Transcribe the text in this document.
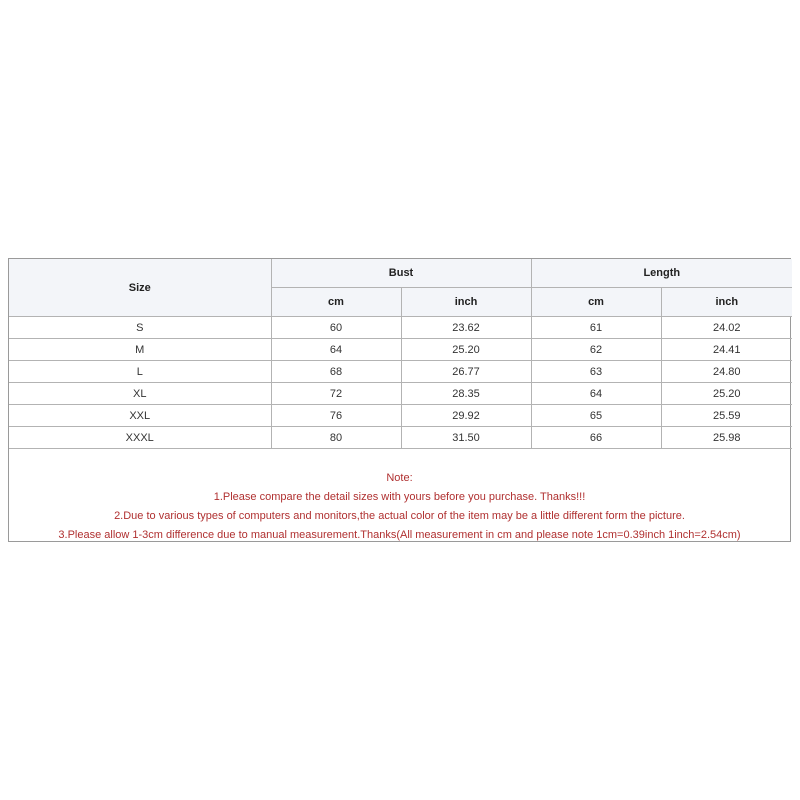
Size	Bust		Length	
	cm	inch	cm	inch
S	60	23.62	61	24.02
M	64	25.20	62	24.41
L	68	26.77	63	24.80
XL	72	28.35	64	25.20
XXL	76	29.92	65	25.59
XXXL	80	31.50	66	25.98
Note:
1.Please compare the detail sizes with yours before you purchase. Thanks!!!
2.Due to various types of computers and monitors,the actual color of the item may be a little different form the picture.
3.Please allow 1-3cm difference due to manual measurement.Thanks(All measurement in cm and please note 1cm=0.39inch 1inch=2.54cm)
